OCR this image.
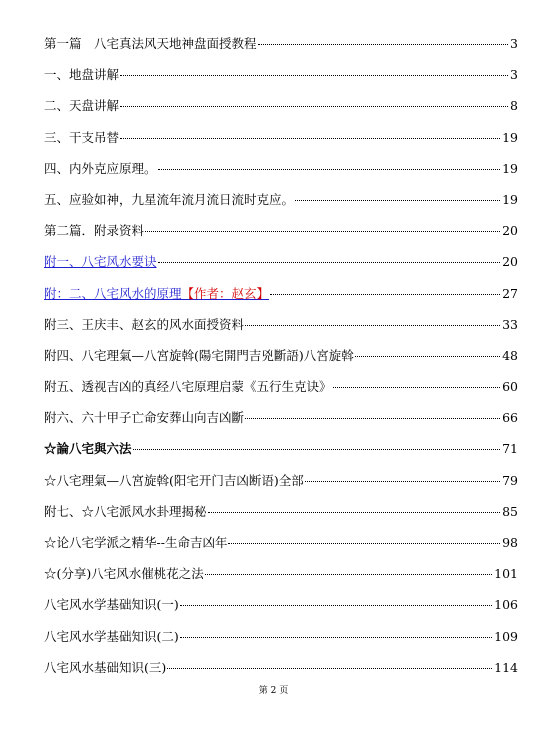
第一篇　八宅真法风天地神盘面授教程	3
一、地盘讲解	3
二、天盘讲解	8
三、干支吊替	19
四、内外克应原理。	19
五、应验如神，九星流年流月流日流时克应。	19
第二篇．附录资料	20
附一、八宅风水要诀	20
附：二、八宅风水的原理【作者：赵玄】	27
附三、王庆丰、赵玄的风水面授资料	33
附四、八宅理氣—八宮旋斡(陽宅開門吉兇斷語)八宮旋斡	48
附五、透视吉凶的真经八宅原理启蒙《五行生克诀》	60
附六、六十甲子亡命安葬山向吉凶斷	66
☆論八宅與六法	71
☆八宅理氣—八宮旋斡(阳宅开门吉凶断语)全部	79
附七、☆八宅派风水卦理揭秘	85
☆论八宅学派之精华--生命吉凶年	98
☆(分享)八宅风水催桃花之法	101
八宅风水学基础知识(一)	106
八宅风水学基础知识(二)	109
八宅风水基础知识(三)	114
第 2 页
